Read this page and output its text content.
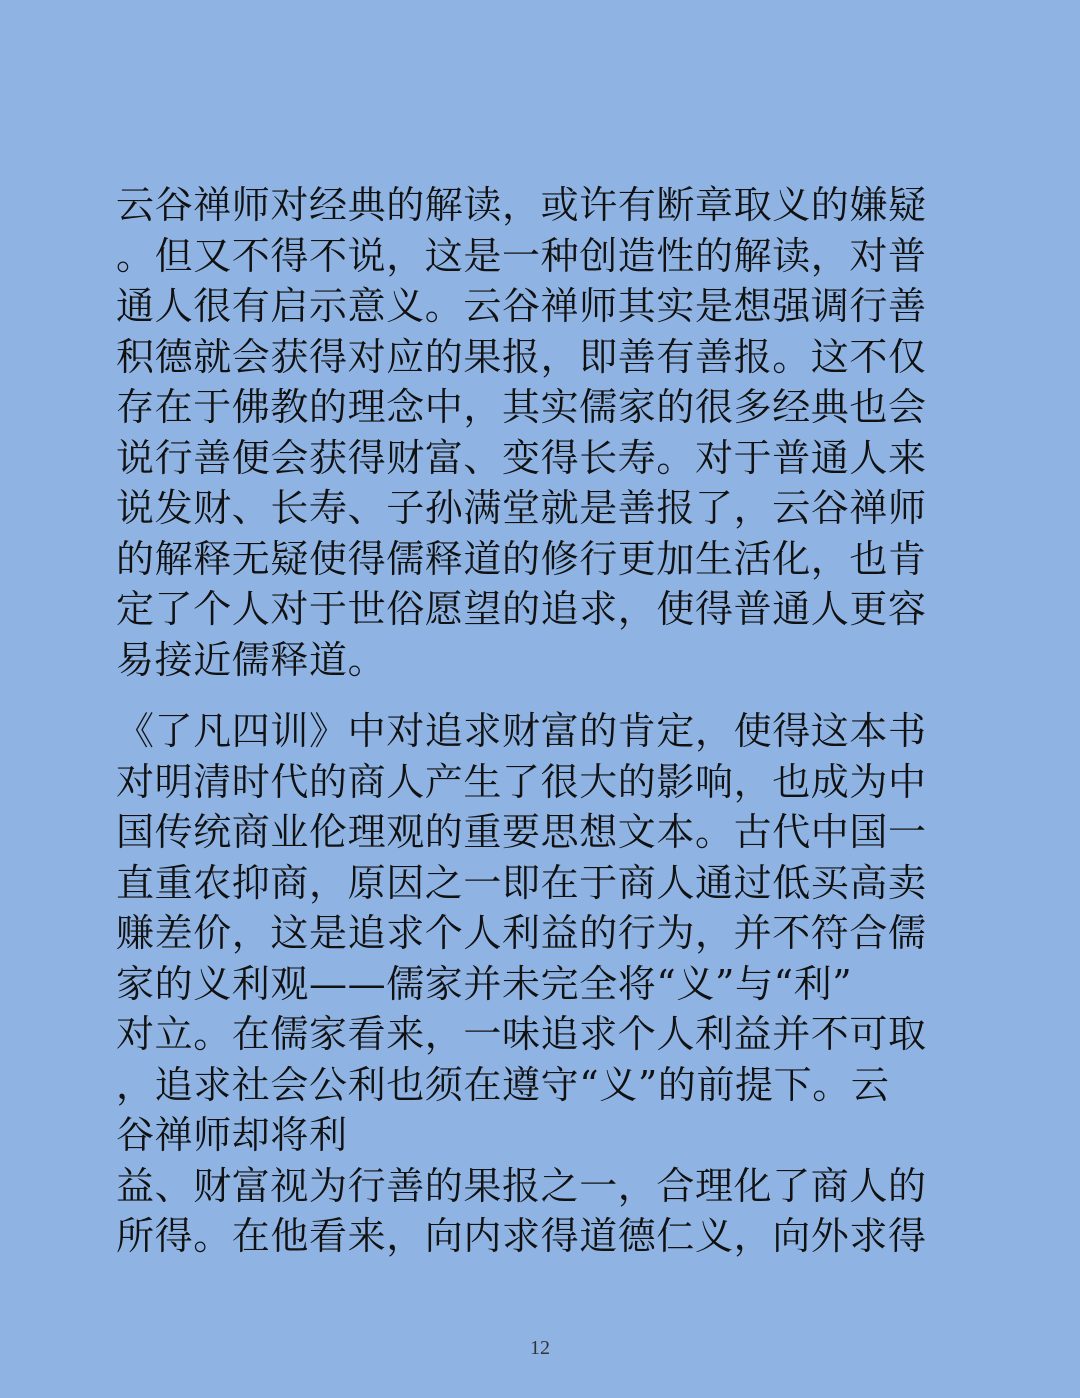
云谷禅师对经典的解读，或许有断章取义的嫌疑
。但又不得不说，这是一种创造性的解读，对普
通人很有启示意义。云谷禅师其实是想强调行善
积德就会获得对应的果报，即善有善报。这不仅
存在于佛教的理念中，其实儒家的很多经典也会
说行善便会获得财富、变得长寿。对于普通人来
说发财、长寿、子孙满堂就是善报了，云谷禅师
的解释无疑使得儒释道的修行更加生活化，也肯
定了个人对于世俗愿望的追求，使得普通人更容
易接近儒释道。
《了凡四训》中对追求财富的肯定，使得这本书
对明清时代的商人产生了很大的影响，也成为中
国传统商业伦理观的重要思想文本。古代中国一
直重农抑商，原因之一即在于商人通过低买高卖
赚差价，这是追求个人利益的行为，并不符合儒
家的义利观——儒家并未完全将“义”与“利”
对立。在儒家看来，一味追求个人利益并不可取
，追求社会公利也须在遵守“义”的前提下。云
谷禅师却将利
益、财富视为行善的果报之一，合理化了商人的
所得。在他看来，向内求得道德仁义，向外求得
12
